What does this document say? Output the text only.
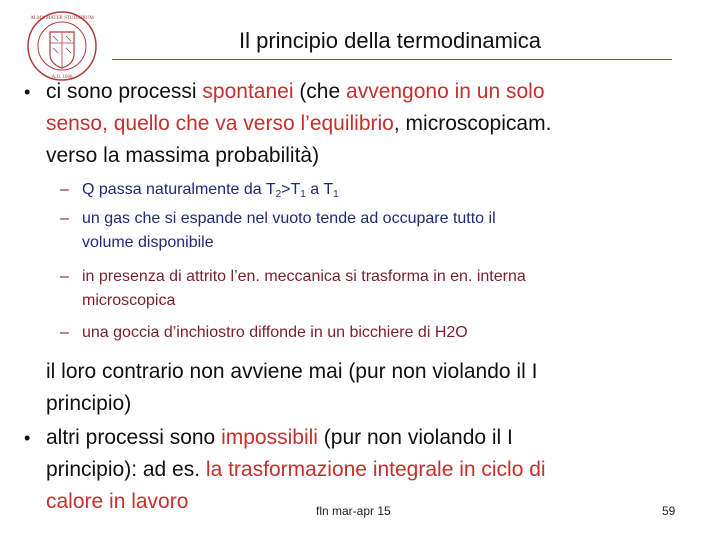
ALMA MATER STUDIORUM
A.D. 1088
Il principio della termodinamica
• ci sono processi spontanei (che avvengono in un solo
senso, quello che va verso l’equilibrio, microscopicam.
verso la massima probabilità)
– Q passa naturalmente da $T_2>T_1$ a $T_1$
– un gas che si espande nel vuoto tende ad occupare tutto il
volume disponibile
– in presenza di attrito l’en. meccanica si trasforma in en. interna
microscopica
– una goccia d’inchiostro diffonde in un bicchiere di H2O
il loro contrario non avviene mai (pur non violando il I
principio)
• altri processi sono impossibili (pur non violando il I
principio): ad es. la trasformazione integrale in ciclo di
calore in lavoro	fln mar-apr 15	59
